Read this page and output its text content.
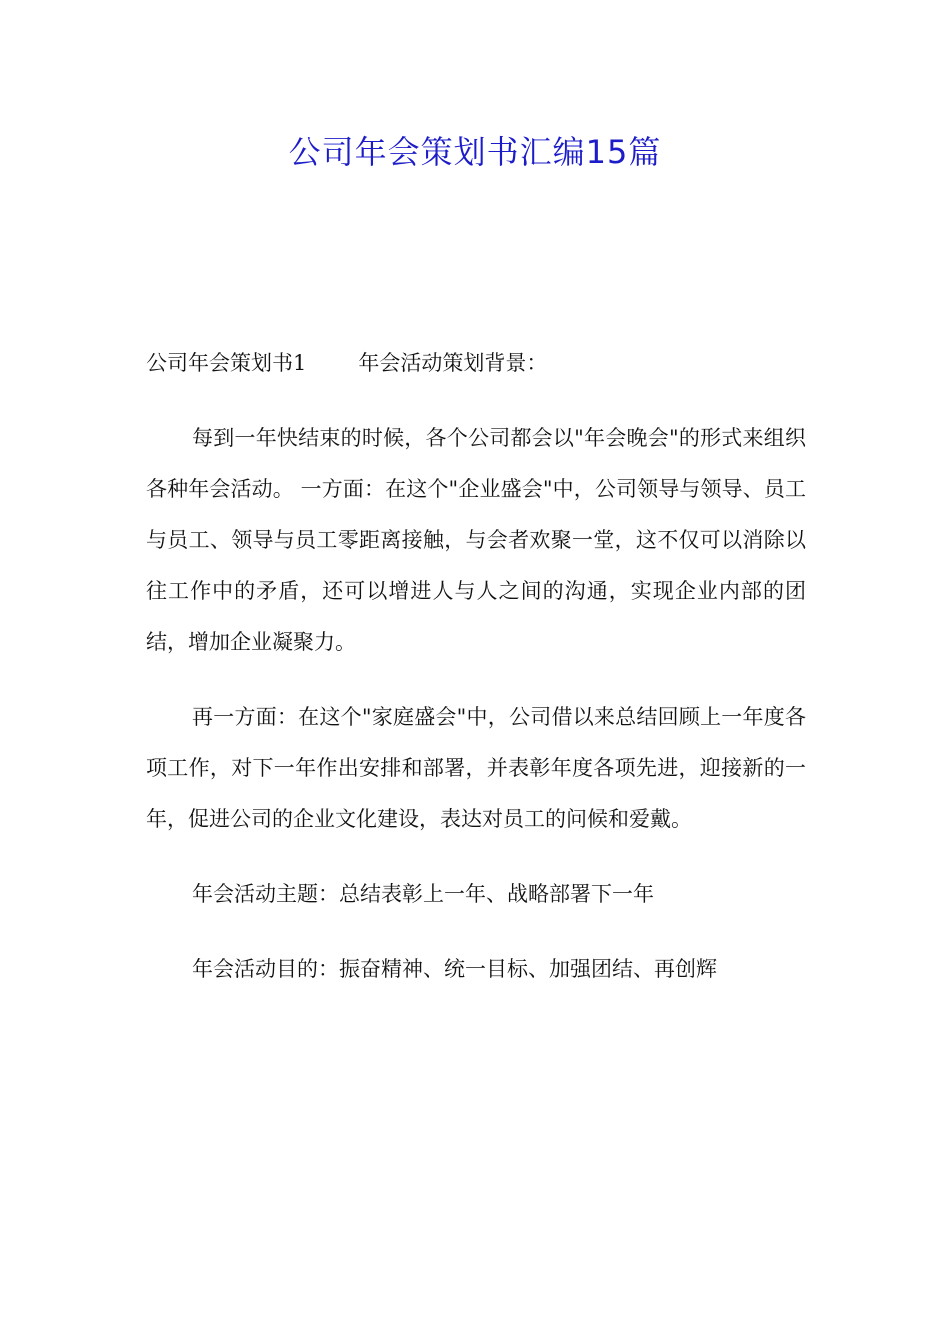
公司年会策划书汇编15篇

公司年会策划书1 年会活动策划背景：

每到一年快结束的时候，各个公司都会以"年会晚会"的形式来组织各种年会活动。 一方面：在这个"企业盛会"中，公司领导与领导、员工与员工、领导与员工零距离接触，与会者欢聚一堂，这不仅可以消除以往工作中的矛盾，还可以增进人与人之间的沟通，实现企业内部的团结，增加企业凝聚力。

再一方面：在这个"家庭盛会"中，公司借以来总结回顾上一年度各项工作，对下一年作出安排和部署，并表彰年度各项先进，迎接新的一年，促进公司的企业文化建设，表达对员工的问候和爱戴。

年会活动主题：总结表彰上一年、战略部署下一年

年会活动目的：振奋精神、统一目标、加强团结、再创辉
